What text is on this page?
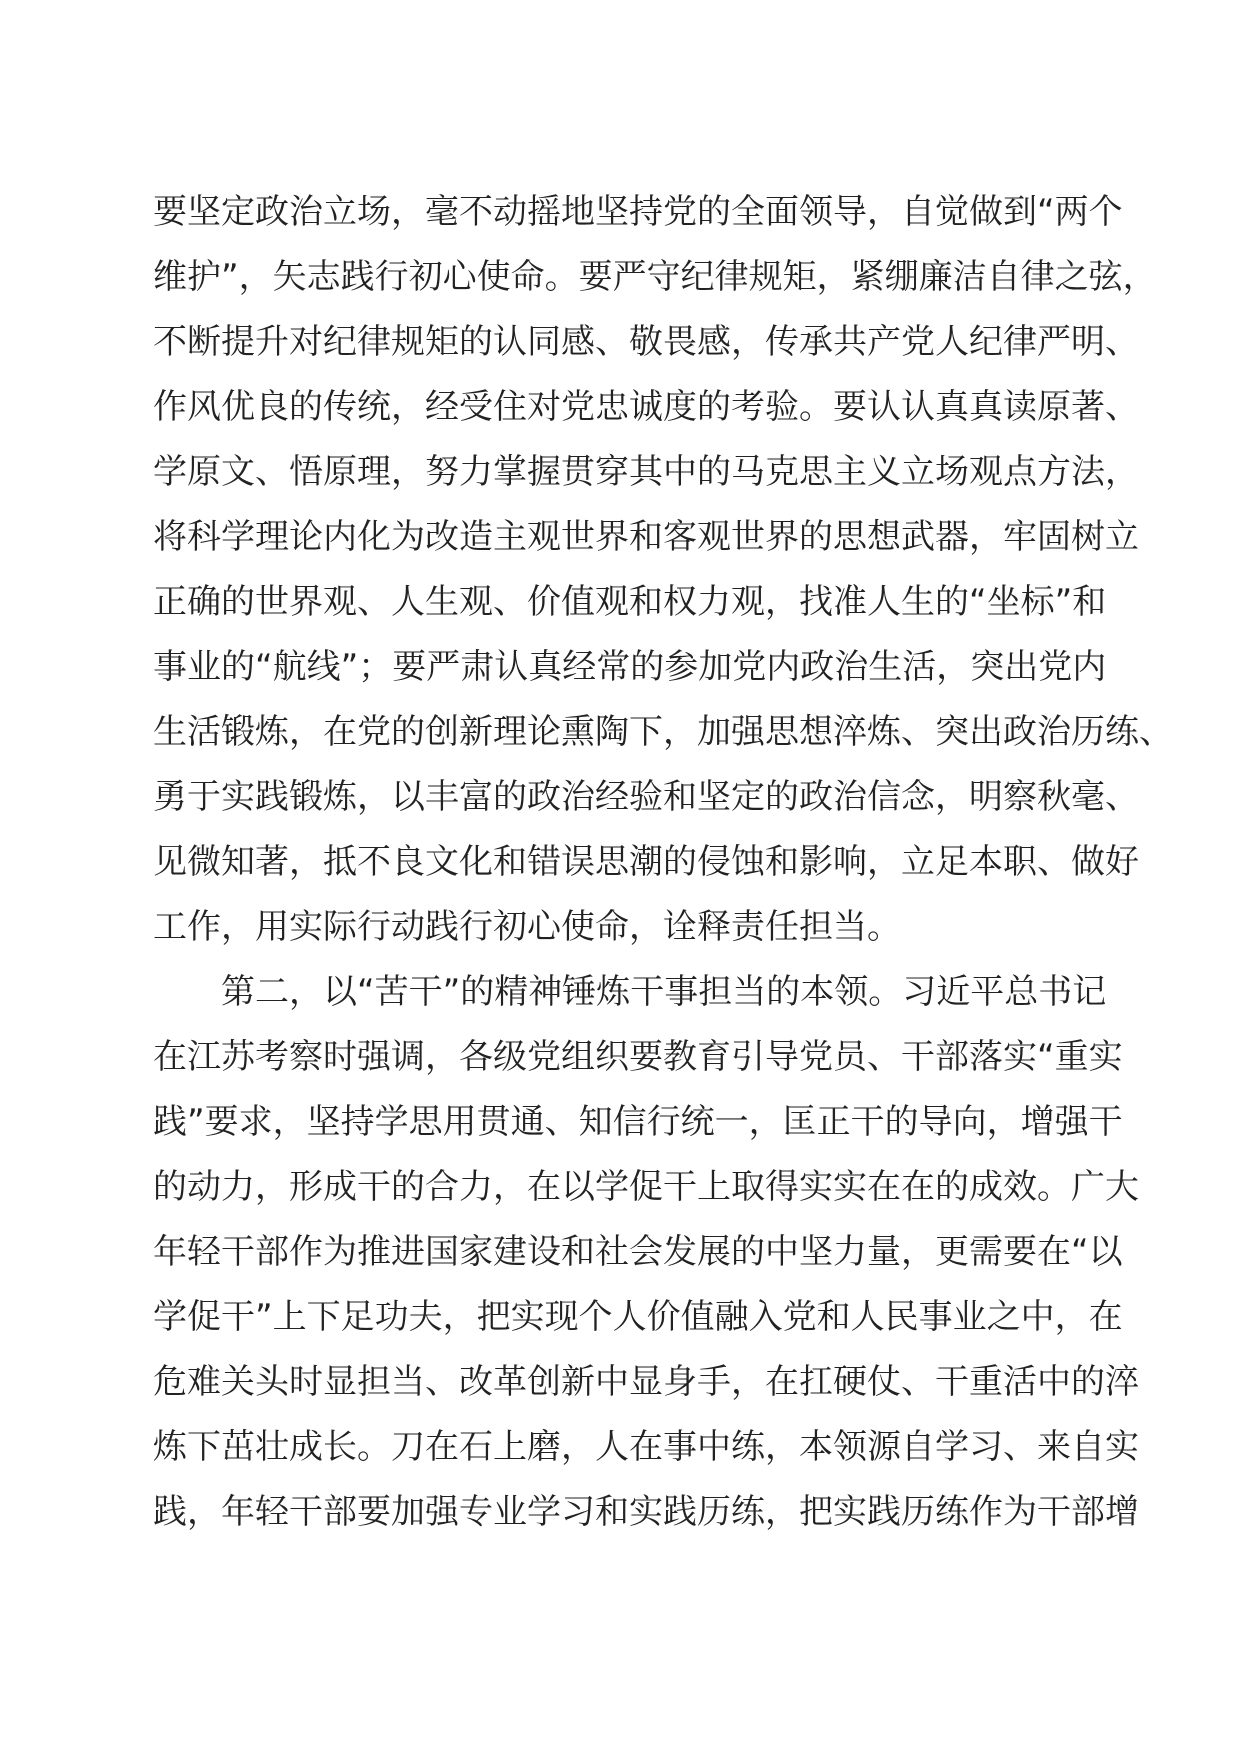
要坚定政治立场，毫不动摇地坚持党的全面领导，自觉做到“两个
维护”，矢志践行初心使命。要严守纪律规矩，紧绷廉洁自律之弦，
不断提升对纪律规矩的认同感、敬畏感，传承共产党人纪律严明、
作风优良的传统，经受住对党忠诚度的考验。要认认真真读原著、
学原文、悟原理，努力掌握贯穿其中的马克思主义立场观点方法，
将科学理论内化为改造主观世界和客观世界的思想武器，牢固树立
正确的世界观、人生观、价值观和权力观，找准人生的“坐标”和
事业的“航线”；要严肃认真经常的参加党内政治生活，突出党内
生活锻炼，在党的创新理论熏陶下，加强思想淬炼、突出政治历练、
勇于实践锻炼，以丰富的政治经验和坚定的政治信念，明察秋毫、
见微知著，抵不良文化和错误思潮的侵蚀和影响，立足本职、做好
工作，用实际行动践行初心使命，诠释责任担当。
第二，以“苦干”的精神锤炼干事担当的本领。习近平总书记
在江苏考察时强调，各级党组织要教育引导党员、干部落实“重实
践”要求，坚持学思用贯通、知信行统一，匡正干的导向，增强干
的动力，形成干的合力，在以学促干上取得实实在在的成效。广大
年轻干部作为推进国家建设和社会发展的中坚力量，更需要在“以
学促干”上下足功夫，把实现个人价值融入党和人民事业之中，在
危难关头时显担当、改革创新中显身手，在扛硬仗、干重活中的淬
炼下茁壮成长。刀在石上磨，人在事中练，本领源自学习、来自实
践，年轻干部要加强专业学习和实践历练，把实践历练作为干部增
